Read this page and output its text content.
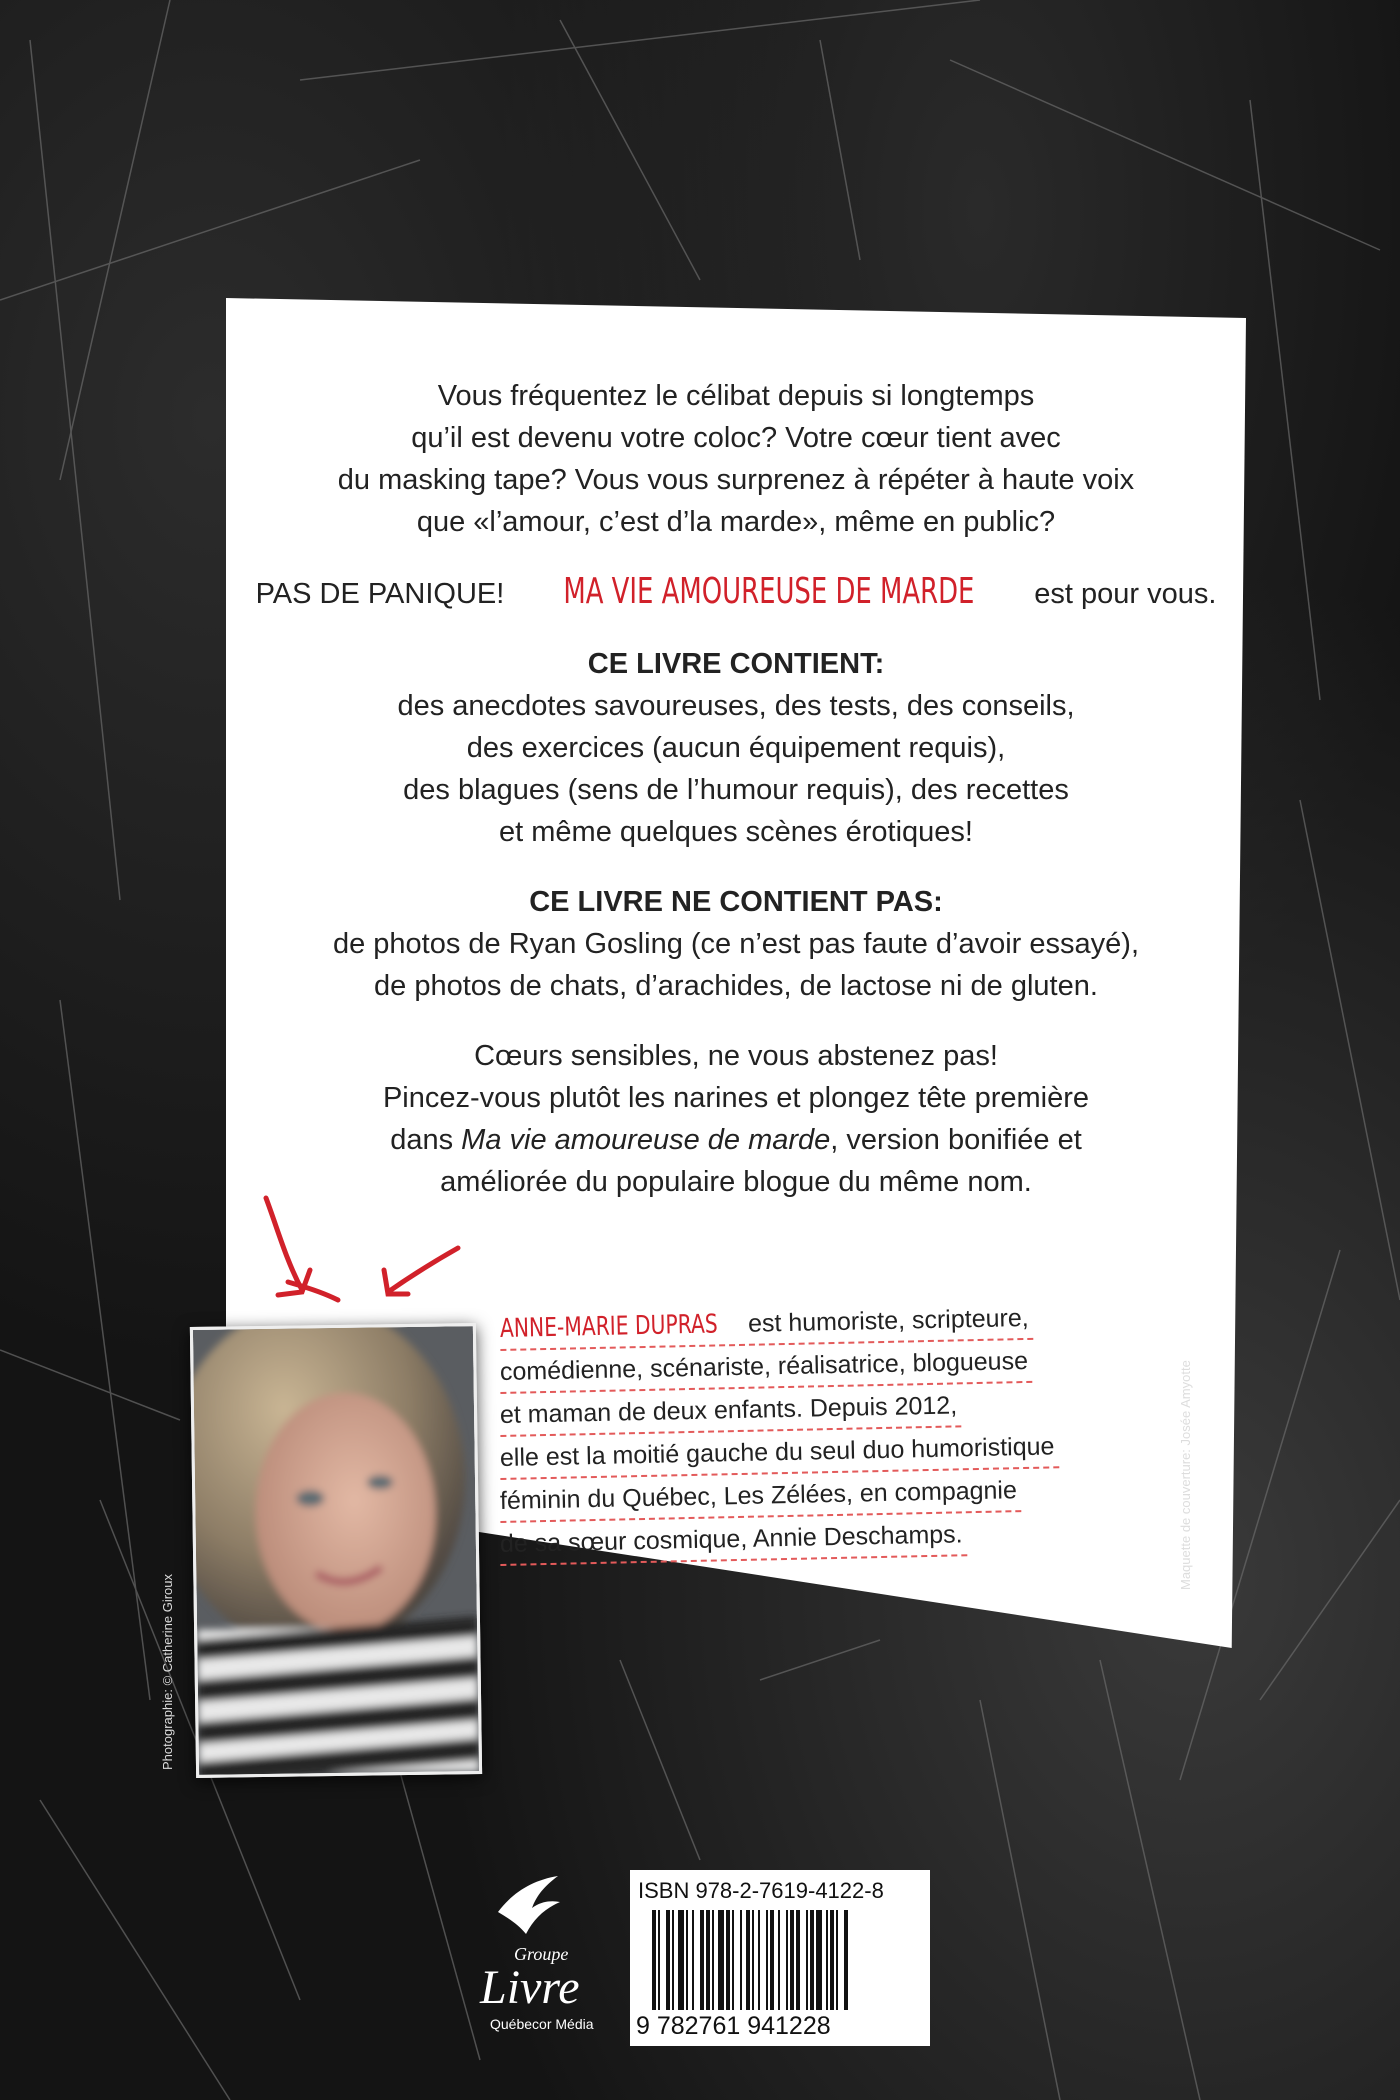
Vous fréquentez le célibat depuis si longtemps
qu’il est devenu votre coloc? Votre cœur tient avec
du masking tape? Vous vous surprenez à répéter à haute voix
que «l’amour, c’est d’la marde», même en public?

PAS DE PANIQUE! MA VIE AMOUREUSE DE MARDE est pour vous.

CE LIVRE CONTIENT:
des anecdotes savoureuses, des tests, des conseils,
des exercices (aucun équipement requis),
des blagues (sens de l’humour requis), des recettes
et même quelques scènes érotiques!

CE LIVRE NE CONTIENT PAS:
de photos de Ryan Gosling (ce n’est pas faute d’avoir essayé),
de photos de chats, d’arachides, de lactose ni de gluten.

Cœurs sensibles, ne vous abstenez pas!
Pincez-vous plutôt les narines et plongez tête première
dans Ma vie amoureuse de marde, version bonifiée et
améliorée du populaire blogue du même nom.

ANNE-MARIE DUPRAS est humoriste, scripteure,
comédienne, scénariste, réalisatrice, blogueuse
et maman de deux enfants. Depuis 2012,
elle est la moitié gauche du seul duo humoristique
féminin du Québec, Les Zélées, en compagnie
de sa sœur cosmique, Annie Deschamps.
Photographie: © Catherine Giroux
Maquette de couverture: Josée Amyotte
Groupe
Livre
Québecor Média
ISBN 978-2-7619-4122-8
9 782761 941228
